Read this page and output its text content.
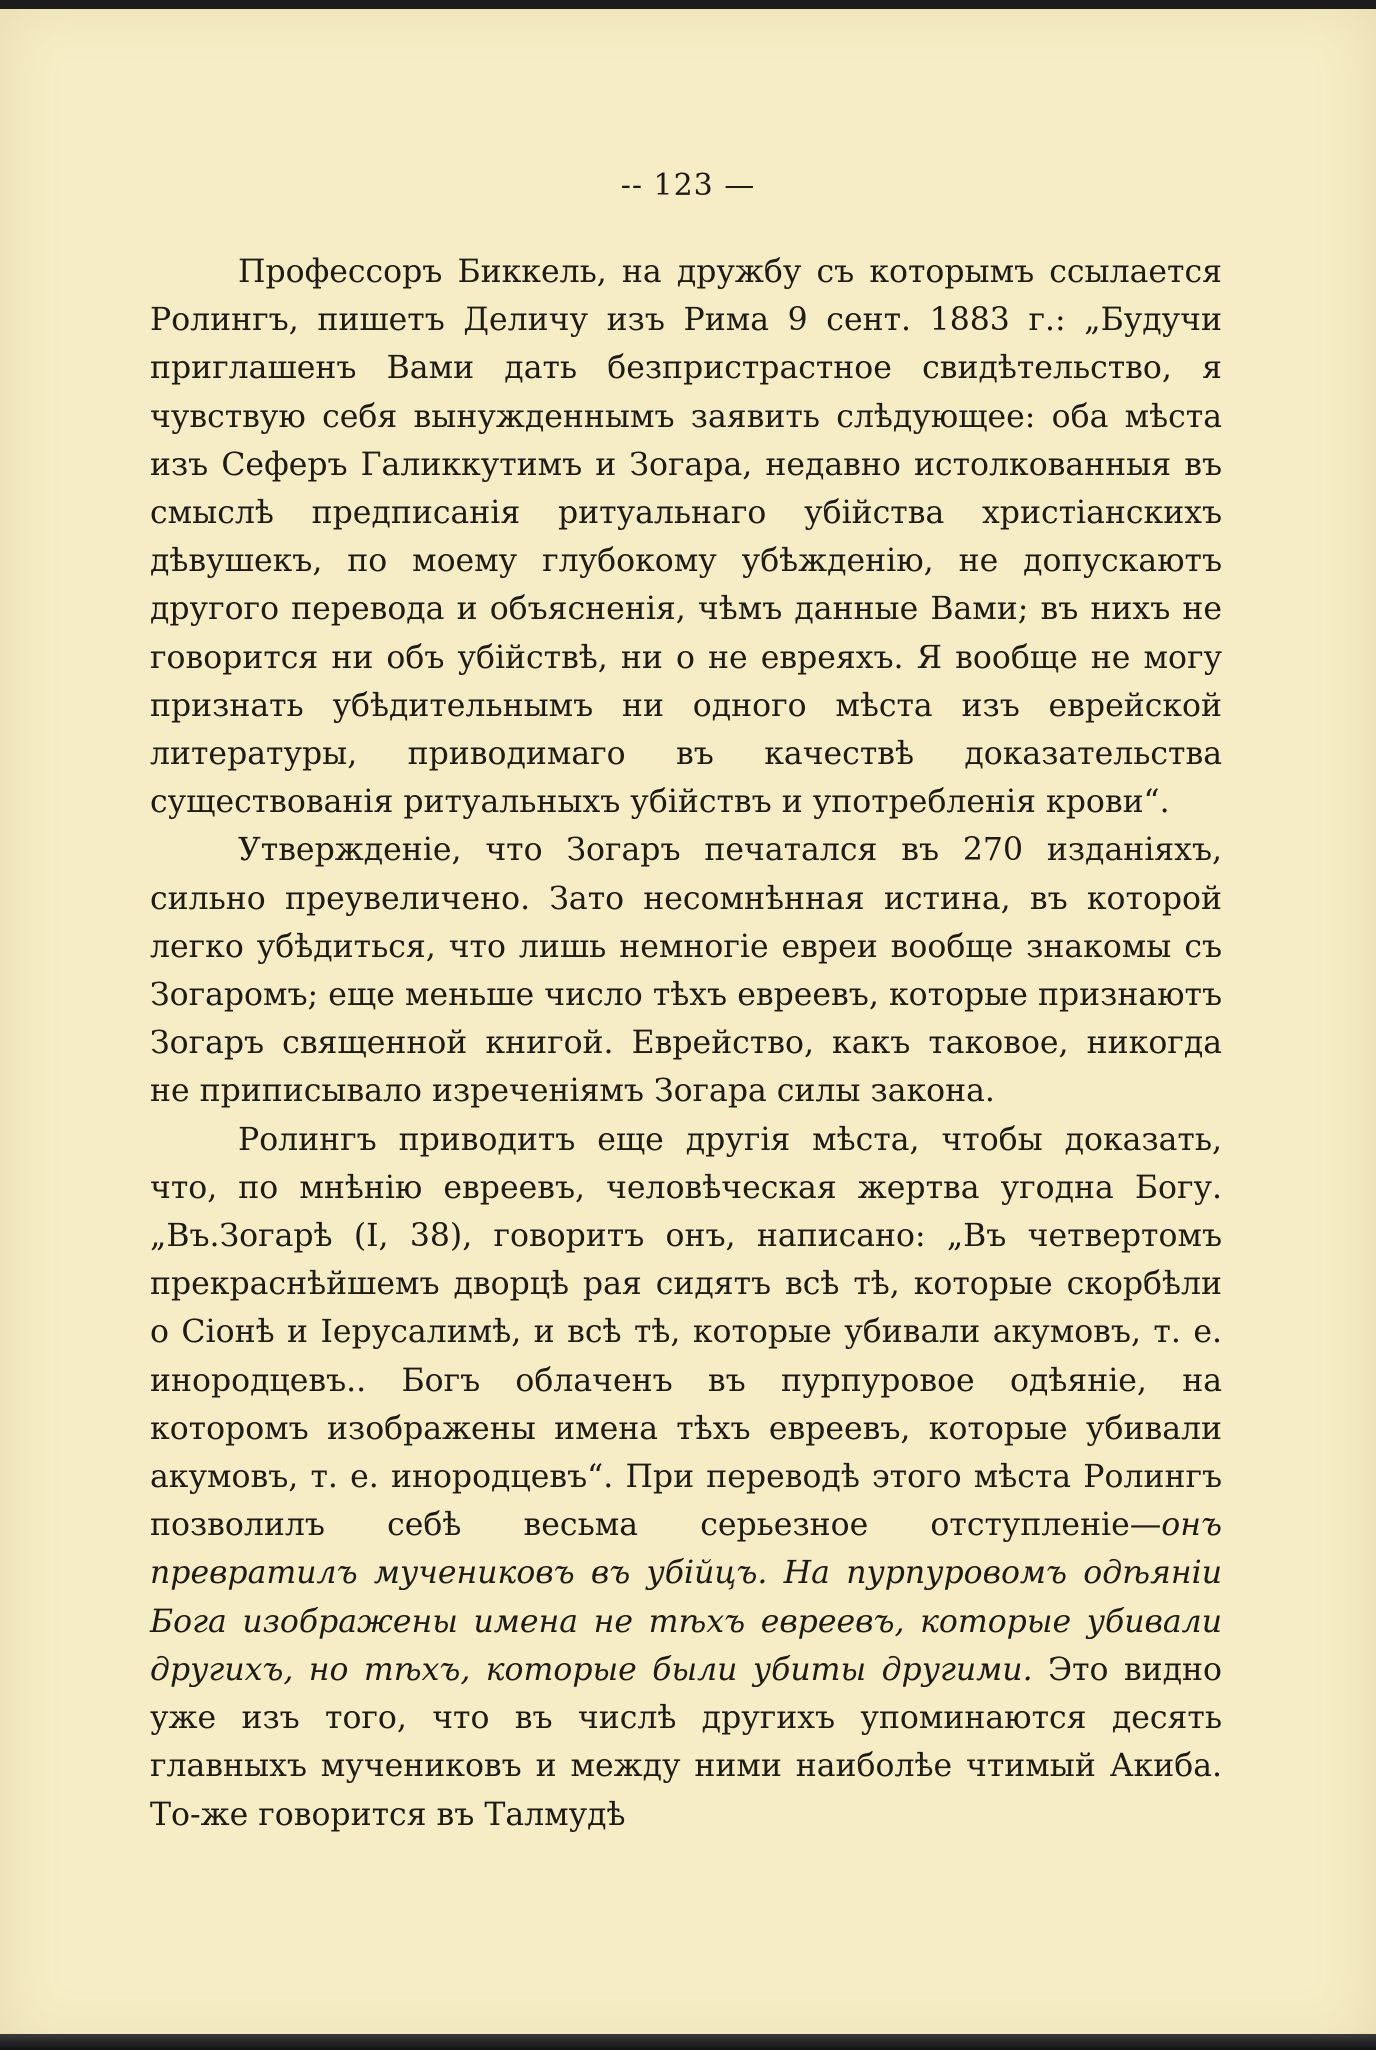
-- 123 —

Профессоръ Биккель, на дружбу съ которымъ ссылается Ролингъ, пишетъ Деличу изъ Рима 9 сент. 1883 г.: „Будучи приглашенъ Вами дать безпристрастное свидѣтельство, я чувствую себя вынужденнымъ заявить слѣдующее: оба мѣста изъ Сеферъ Галиккутимъ и Зогара, недавно истолкованныя въ смыслѣ предписанія ритуальнаго убійства христіанскихъ дѣвушекъ, по моему глубокому убѣжденію, не допускаютъ другого перевода и объясненія, чѣмъ данные Вами; въ нихъ не говорится ни объ убійствѣ, ни о не евреяхъ. Я вообще не могу признать убѣдительнымъ ни одного мѣста изъ еврейской литературы, приводимаго въ качествѣ доказательства существованія ритуальныхъ убійствъ и употребленія крови“.

Утвержденіе, что Зогаръ печатался въ 270 изданіяхъ, сильно преувеличено. Зато несомнѣнная истина, въ которой легко убѣдиться, что лишь немногіе евреи вообще знакомы съ Зогаромъ; еще меньше число тѣхъ евреевъ, которые признаютъ Зогаръ священной книгой. Еврейство, какъ таковое, никогда не приписывало изреченіямъ Зогара силы закона.

Ролингъ приводитъ еще другія мѣста, чтобы доказать, что, по мнѣнію евреевъ, человѣческая жертва угодна Богу. „Въ.Зогарѣ (I, 38), говоритъ онъ, написано: „Въ четвертомъ прекраснѣйшемъ дворцѣ рая сидятъ всѣ тѣ, которые скорбѣли о Сіонѣ и Іерусалимѣ, и всѣ тѣ, которые убивали акумовъ, т. е. инородцевъ.. Богъ облаченъ въ пурпуровое одѣяніе, на которомъ изображены имена тѣхъ евреевъ, которые убивали акумовъ, т. е. инородцевъ“. При переводѣ этого мѣста Ролингъ позволилъ себѣ весьма серьезное отступленіе—онъ превратилъ мучениковъ въ убійцъ. На пурпуровомъ одѣяніи Бога изображены имена не тѣхъ евреевъ, которые убивали другихъ, но тѣхъ, которые были убиты другими. Это видно уже изъ того, что въ числѣ другихъ упоминаются десять главныхъ мучениковъ и между ними наиболѣе чтимый Акиба. То-же говорится въ Талмудѣ
